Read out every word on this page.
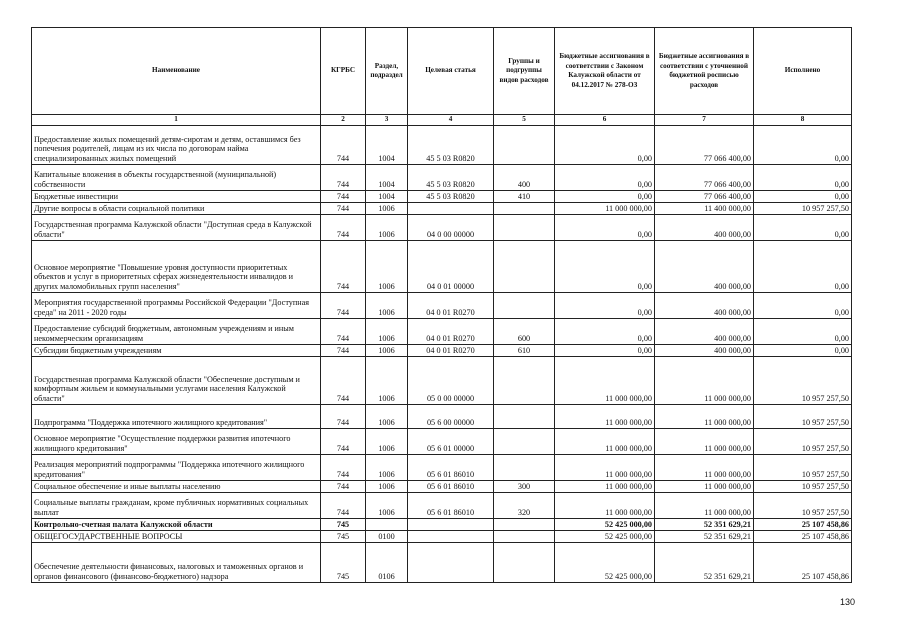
Наименование	КГРБС	Раздел, подраздел	Целевая статья	Группы и подгруппы видов расходов	Бюджетные ассигнования в соответствии с Законом Калужской области от 04.12.2017 № 278-ОЗ	Бюджетные ассигнования в соответствии с уточненной бюджетной росписью расходов	Исполнено
1	2	3	4	5	6	7	8
Предоставление жилых помещений детям-сиротам и детям, оставшимся без попечения родителей, лицам из их числа по договорам найма специализированных жилых помещений	744	1004	45 5 03 R0820		0,00	77 066 400,00	0,00
Капитальные вложения в объекты государственной (муниципальной) собственности	744	1004	45 5 03 R0820	400	0,00	77 066 400,00	0,00
Бюджетные инвестиции	744	1004	45 5 03 R0820	410	0,00	77 066 400,00	0,00
Другие вопросы в области социальной политики	744	1006			11 000 000,00	11 400 000,00	10 957 257,50
Государственная программа Калужской области "Доступная среда в Калужской области"	744	1006	04 0 00 00000		0,00	400 000,00	0,00
Основное мероприятие "Повышение уровня доступности приоритетных объектов и услуг в приоритетных сферах жизнедеятельности инвалидов и других маломобильных групп населения"	744	1006	04 0 01 00000		0,00	400 000,00	0,00
Мероприятия государственной программы Российской Федерации "Доступная среда" на 2011 - 2020 годы	744	1006	04 0 01 R0270		0,00	400 000,00	0,00
Предоставление субсидий бюджетным, автономным учреждениям и иным некоммерческим организациям	744	1006	04 0 01 R0270	600	0,00	400 000,00	0,00
Субсидии бюджетным учреждениям	744	1006	04 0 01 R0270	610	0,00	400 000,00	0,00
Государственная программа Калужской области "Обеспечение доступным и комфортным жильем и коммунальными услугами населения Калужской области"	744	1006	05 0 00 00000		11 000 000,00	11 000 000,00	10 957 257,50
Подпрограмма "Поддержка ипотечного жилищного кредитования"	744	1006	05 6 00 00000		11 000 000,00	11 000 000,00	10 957 257,50
Основное мероприятие "Осуществление поддержки развития ипотечного жилищного кредитования"	744	1006	05 6 01 00000		11 000 000,00	11 000 000,00	10 957 257,50
Реализация мероприятий подпрограммы "Поддержка ипотечного жилищного кредитования"	744	1006	05 6 01 86010		11 000 000,00	11 000 000,00	10 957 257,50
Социальное обеспечение и иные выплаты населению	744	1006	05 6 01 86010	300	11 000 000,00	11 000 000,00	10 957 257,50
Социальные выплаты гражданам, кроме публичных нормативных социальных выплат	744	1006	05 6 01 86010	320	11 000 000,00	11 000 000,00	10 957 257,50
Контрольно-счетная палата Калужской области	745				52 425 000,00	52 351 629,21	25 107 458,86
ОБЩЕГОСУДАРСТВЕННЫЕ ВОПРОСЫ	745	0100			52 425 000,00	52 351 629,21	25 107 458,86
Обеспечение деятельности финансовых, налоговых и таможенных органов и органов финансового (финансово-бюджетного) надзора	745	0106			52 425 000,00	52 351 629,21	25 107 458,86
130
